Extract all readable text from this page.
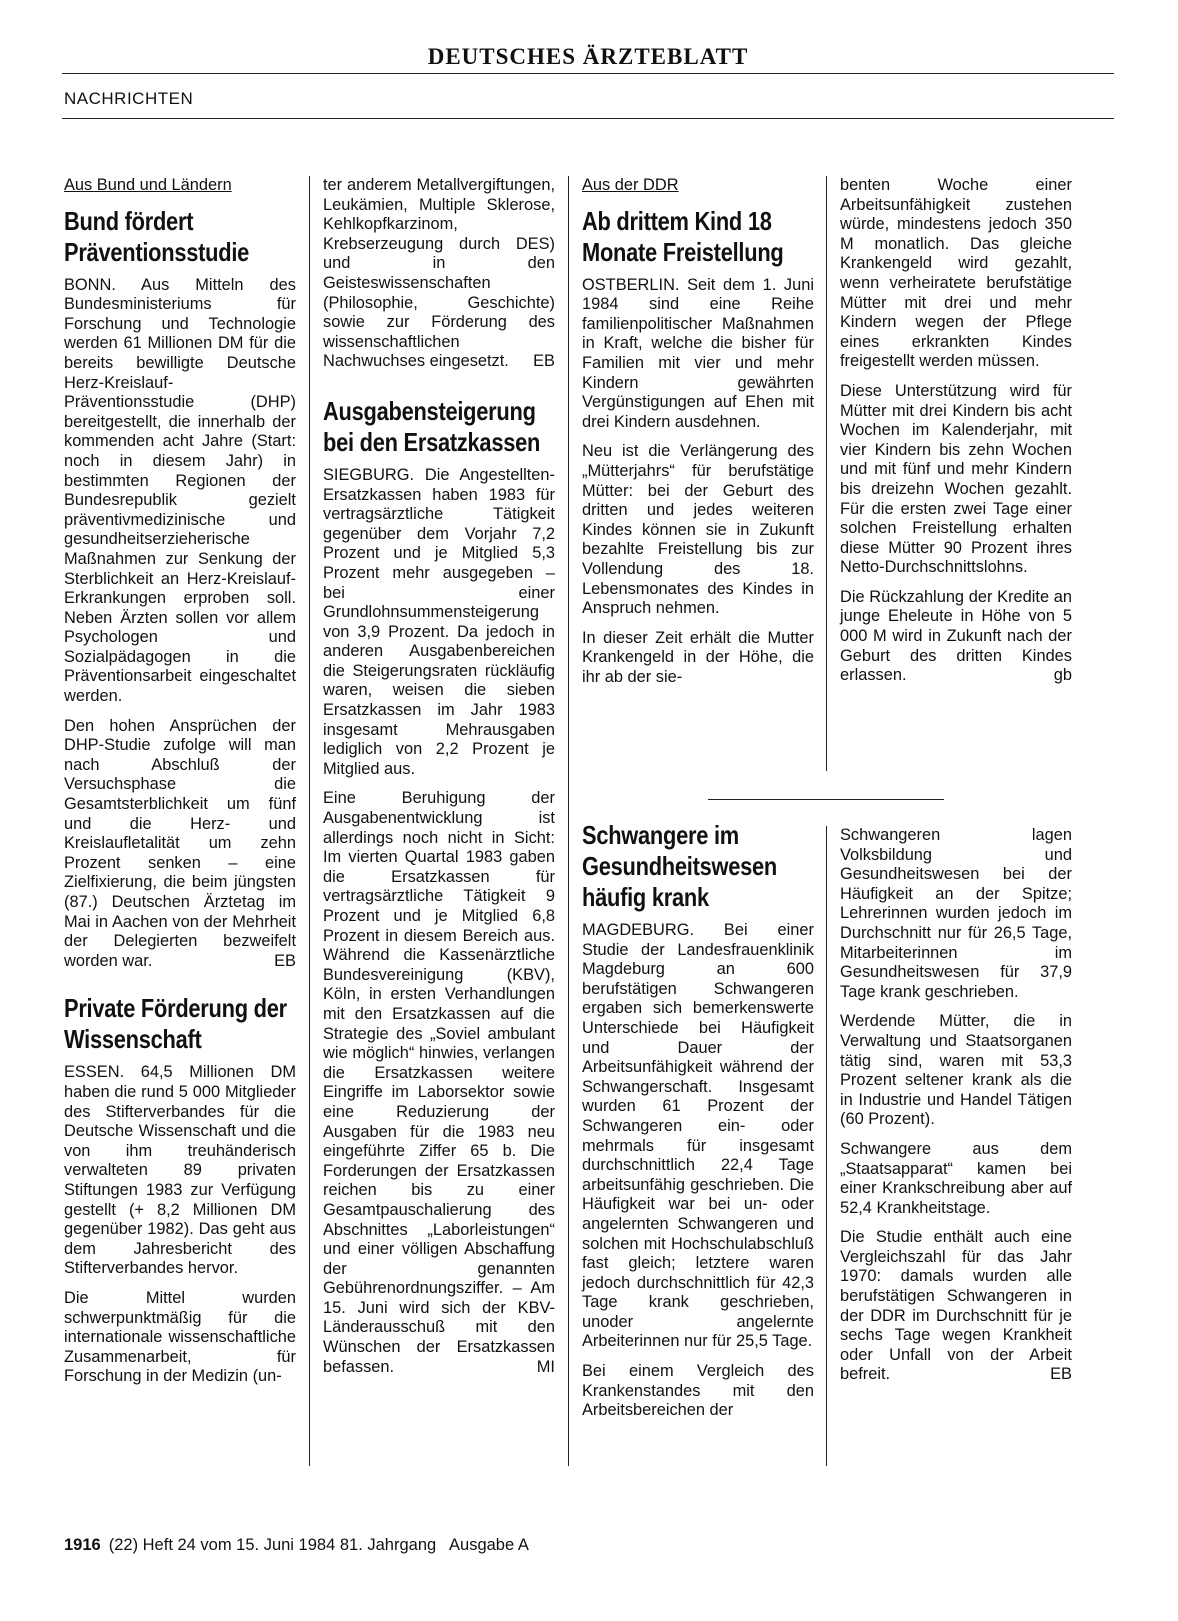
DEUTSCHES ÄRZTEBLATT
NACHRICHTEN
Aus Bund und Ländern
Bund fördert Präventionsstudie

BONN. Aus Mitteln des Bundesministeriums für Forschung und Technologie werden 61 Millionen DM für die bereits bewilligte Deutsche Herz-Kreislauf-Präventionsstudie (DHP) bereitgestellt, die innerhalb der kommenden acht Jahre (Start: noch in diesem Jahr) in bestimmten Regionen der Bundesrepublik gezielt präventivmedizinische und gesundheitserzieherische Maßnahmen zur Senkung der Sterblichkeit an Herz-Kreislauf-Erkrankungen erproben soll. Neben Ärzten sollen vor allem Psychologen und Sozialpädagogen in die Präventionsarbeit eingeschaltet werden.

Den hohen Ansprüchen der DHP-Studie zufolge will man nach Abschluß der Versuchsphase die Gesamtsterblichkeit um fünf und die Herz- und Kreislaufletalität um zehn Prozent senken – eine Zielfixierung, die beim jüngsten (87.) Deutschen Ärztetag im Mai in Aachen von der Mehrheit der Delegierten bezweifelt worden war.	EB

Private Förderung der Wissenschaft

ESSEN. 64,5 Millionen DM haben die rund 5 000 Mitglieder des Stifterverbandes für die Deutsche Wissenschaft und die von ihm treuhänderisch verwalteten 89 privaten Stiftungen 1983 zur Verfügung gestellt (+ 8,2 Millionen DM gegenüber 1982). Das geht aus dem Jahresbericht des Stifterverbandes hervor.

Die Mittel wurden schwerpunktmäßig für die internationale wissenschaftliche Zusammenarbeit, für Forschung in der Medizin (un-

ter anderem Metallvergiftungen, Leukämien, Multiple Sklerose, Kehlkopfkarzinom, Krebserzeugung durch DES) und in den Geisteswissenschaften (Philosophie, Geschichte) sowie zur Förderung des wissenschaftlichen Nachwuchses eingesetzt. EB

Ausgabensteigerung bei den Ersatzkassen

SIEGBURG. Die Angestellten-Ersatzkassen haben 1983 für vertragsärztliche Tätigkeit gegenüber dem Vorjahr 7,2 Prozent und je Mitglied 5,3 Prozent mehr ausgegeben – bei einer Grundlohnsummensteigerung von 3,9 Prozent. Da jedoch in anderen Ausgabenbereichen die Steigerungsraten rückläufig waren, weisen die sieben Ersatzkassen im Jahr 1983 insgesamt Mehrausgaben lediglich von 2,2 Prozent je Mitglied aus.

Eine Beruhigung der Ausgabenentwicklung ist allerdings noch nicht in Sicht: Im vierten Quartal 1983 gaben die Ersatzkassen für vertragsärztliche Tätigkeit 9 Prozent und je Mitglied 6,8 Prozent in diesem Bereich aus. Während die Kassenärztliche Bundesvereinigung (KBV), Köln, in ersten Verhandlungen mit den Ersatzkassen auf die Strategie des „Soviel ambulant wie möglich“ hinwies, verlangen die Ersatzkassen weitere Eingriffe im Laborsektor sowie eine Reduzierung der Ausgaben für die 1983 neu eingeführte Ziffer 65 b. Die Forderungen der Ersatzkassen reichen bis zu einer Gesamtpauschalierung des Abschnittes „Laborleistungen“ und einer völligen Abschaffung der genannten Gebührenordnungsziffer. – Am 15. Juni wird sich der KBV-Länderausschuß mit den Wünschen der Ersatzkassen befassen.	MI

Aus der DDR
Ab drittem Kind 18 Monate Freistellung

OSTBERLIN. Seit dem 1. Juni 1984 sind eine Reihe familienpolitischer Maßnahmen in Kraft, welche die bisher für Familien mit vier und mehr Kindern gewährten Vergünstigungen auf Ehen mit drei Kindern ausdehnen.

Neu ist die Verlängerung des „Mütterjahrs“ für berufstätige Mütter: bei der Geburt des dritten und jedes weiteren Kindes können sie in Zukunft bezahlte Freistellung bis zur Vollendung des 18. Lebensmonates des Kindes in Anspruch nehmen.

In dieser Zeit erhält die Mutter Krankengeld in der Höhe, die ihr ab der sie-

benten Woche einer Arbeitsunfähigkeit zustehen würde, mindestens jedoch 350 M monatlich. Das gleiche Krankengeld wird gezahlt, wenn verheiratete berufstätige Mütter mit drei und mehr Kindern wegen der Pflege eines erkrankten Kindes freigestellt werden müssen.

Diese Unterstützung wird für Mütter mit drei Kindern bis acht Wochen im Kalenderjahr, mit vier Kindern bis zehn Wochen und mit fünf und mehr Kindern bis dreizehn Wochen gezahlt. Für die ersten zwei Tage einer solchen Freistellung erhalten diese Mütter 90 Prozent ihres Netto-Durchschnittslohns.

Die Rückzahlung der Kredite an junge Eheleute in Höhe von 5 000 M wird in Zukunft nach der Geburt des dritten Kindes erlassen.	gb

Schwangere im Gesundheitswesen häufig krank

MAGDEBURG. Bei einer Studie der Landesfrauenklinik Magdeburg an 600 berufstätigen Schwangeren ergaben sich bemerkenswerte Unterschiede bei Häufigkeit und Dauer der Arbeitsunfähigkeit während der Schwangerschaft. Insgesamt wurden 61 Prozent der Schwangeren ein- oder mehrmals für insgesamt durchschnittlich 22,4 Tage arbeitsunfähig geschrieben. Die Häufigkeit war bei un- oder angelernten Schwangeren und solchen mit Hochschulabschluß fast gleich; letztere waren jedoch durchschnittlich für 42,3 Tage krank geschrieben, unoder angelernte Arbeiterinnen nur für 25,5 Tage.

Bei einem Vergleich des Krankenstandes mit den Arbeitsbereichen der

Schwangeren lagen Volksbildung und Gesundheitswesen bei der Häufigkeit an der Spitze; Lehrerinnen wurden jedoch im Durchschnitt nur für 26,5 Tage, Mitarbeiterinnen im Gesundheitswesen für 37,9 Tage krank geschrieben.

Werdende Mütter, die in Verwaltung und Staatsorganen tätig sind, waren mit 53,3 Prozent seltener krank als die in Industrie und Handel Tätigen (60 Prozent).

Schwangere aus dem „Staatsapparat“ kamen bei einer Krankschreibung aber auf 52,4 Krankheitstage.

Die Studie enthält auch eine Vergleichszahl für das Jahr 1970: damals wurden alle berufstätigen Schwangeren in der DDR im Durchschnitt für je sechs Tage wegen Krankheit oder Unfall von der Arbeit befreit.	EB

1916 (22) Heft 24 vom 15. Juni 1984 81. Jahrgang   Ausgabe A
